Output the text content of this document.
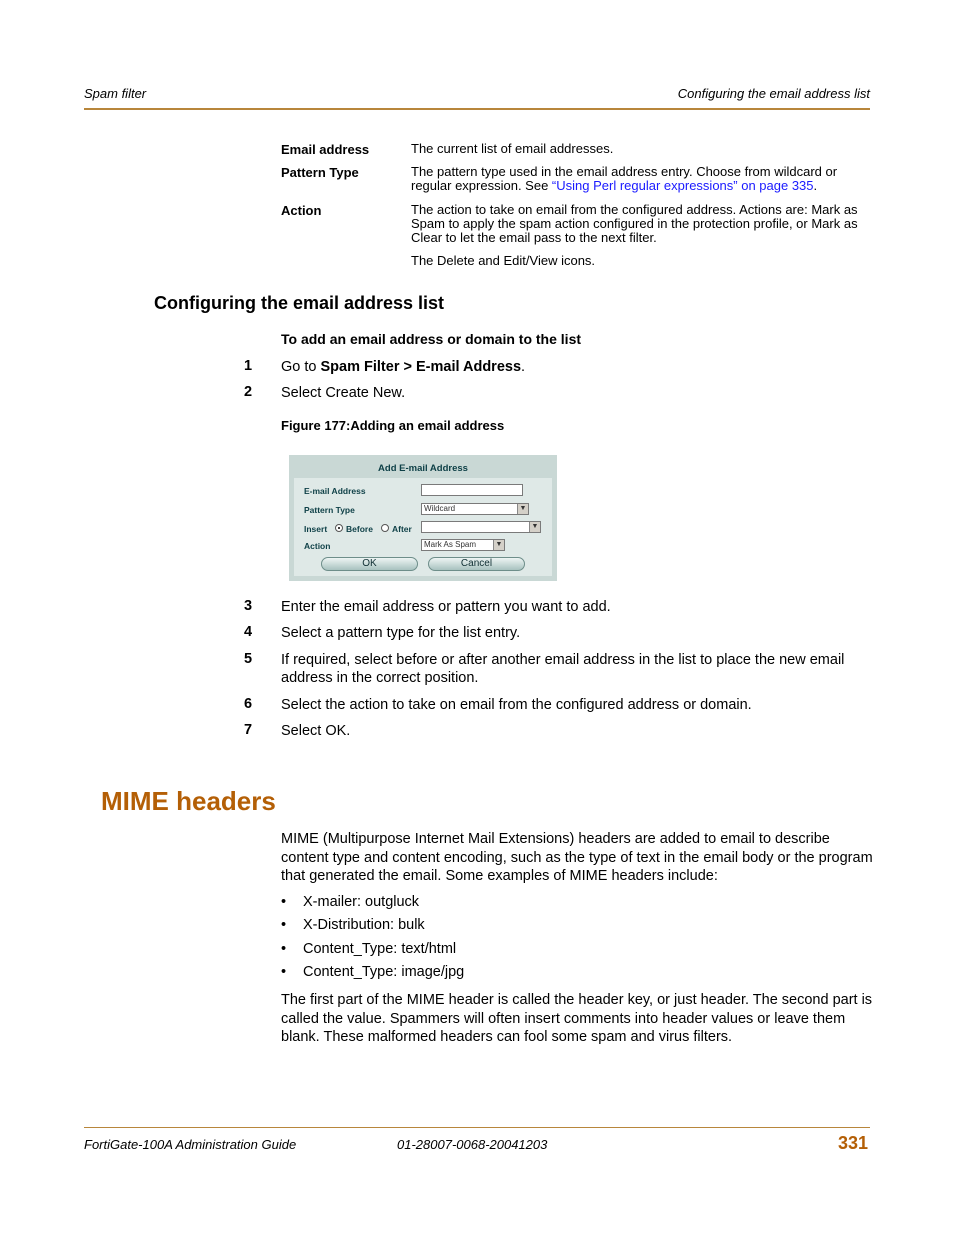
Spam filter	Configuring the email address list
Email address	The current list of email addresses.
Pattern Type	The pattern type used in the email address entry. Choose from wildcard or regular expression. See “Using Perl regular expressions” on page 335.
Action	The action to take on email from the configured address. Actions are: Mark as Spam to apply the spam action configured in the protection profile, or Mark as Clear to let the email pass to the next filter.
The Delete and Edit/View icons.
Configuring the email address list
To add an email address or domain to the list
1 Go to Spam Filter > E-mail Address.
2 Select Create New.
Figure 177:Adding an email address
Add E-mail Address
E-mail Address
Pattern Type	Wildcard	▼
Insert Before After	▼
Action	Mark As Spam	▼
OK	Cancel
3 Enter the email address or pattern you want to add.
4 Select a pattern type for the list entry.
5 If required, select before or after another email address in the list to place the new email address in the correct position.
6 Select the action to take on email from the configured address or domain.
7 Select OK.
MIME headers
MIME (Multipurpose Internet Mail Extensions) headers are added to email to describe content type and content encoding, such as the type of text in the email body or the program that generated the email. Some examples of MIME headers include:
• X-mailer: outgluck
• X-Distribution: bulk
• Content_Type: text/html
• Content_Type: image/jpg
The first part of the MIME header is called the header key, or just header. The second part is called the value. Spammers will often insert comments into header values or leave them blank. These malformed headers can fool some spam and virus filters.
FortiGate-100A Administration Guide	01-28007-0068-20041203	331
